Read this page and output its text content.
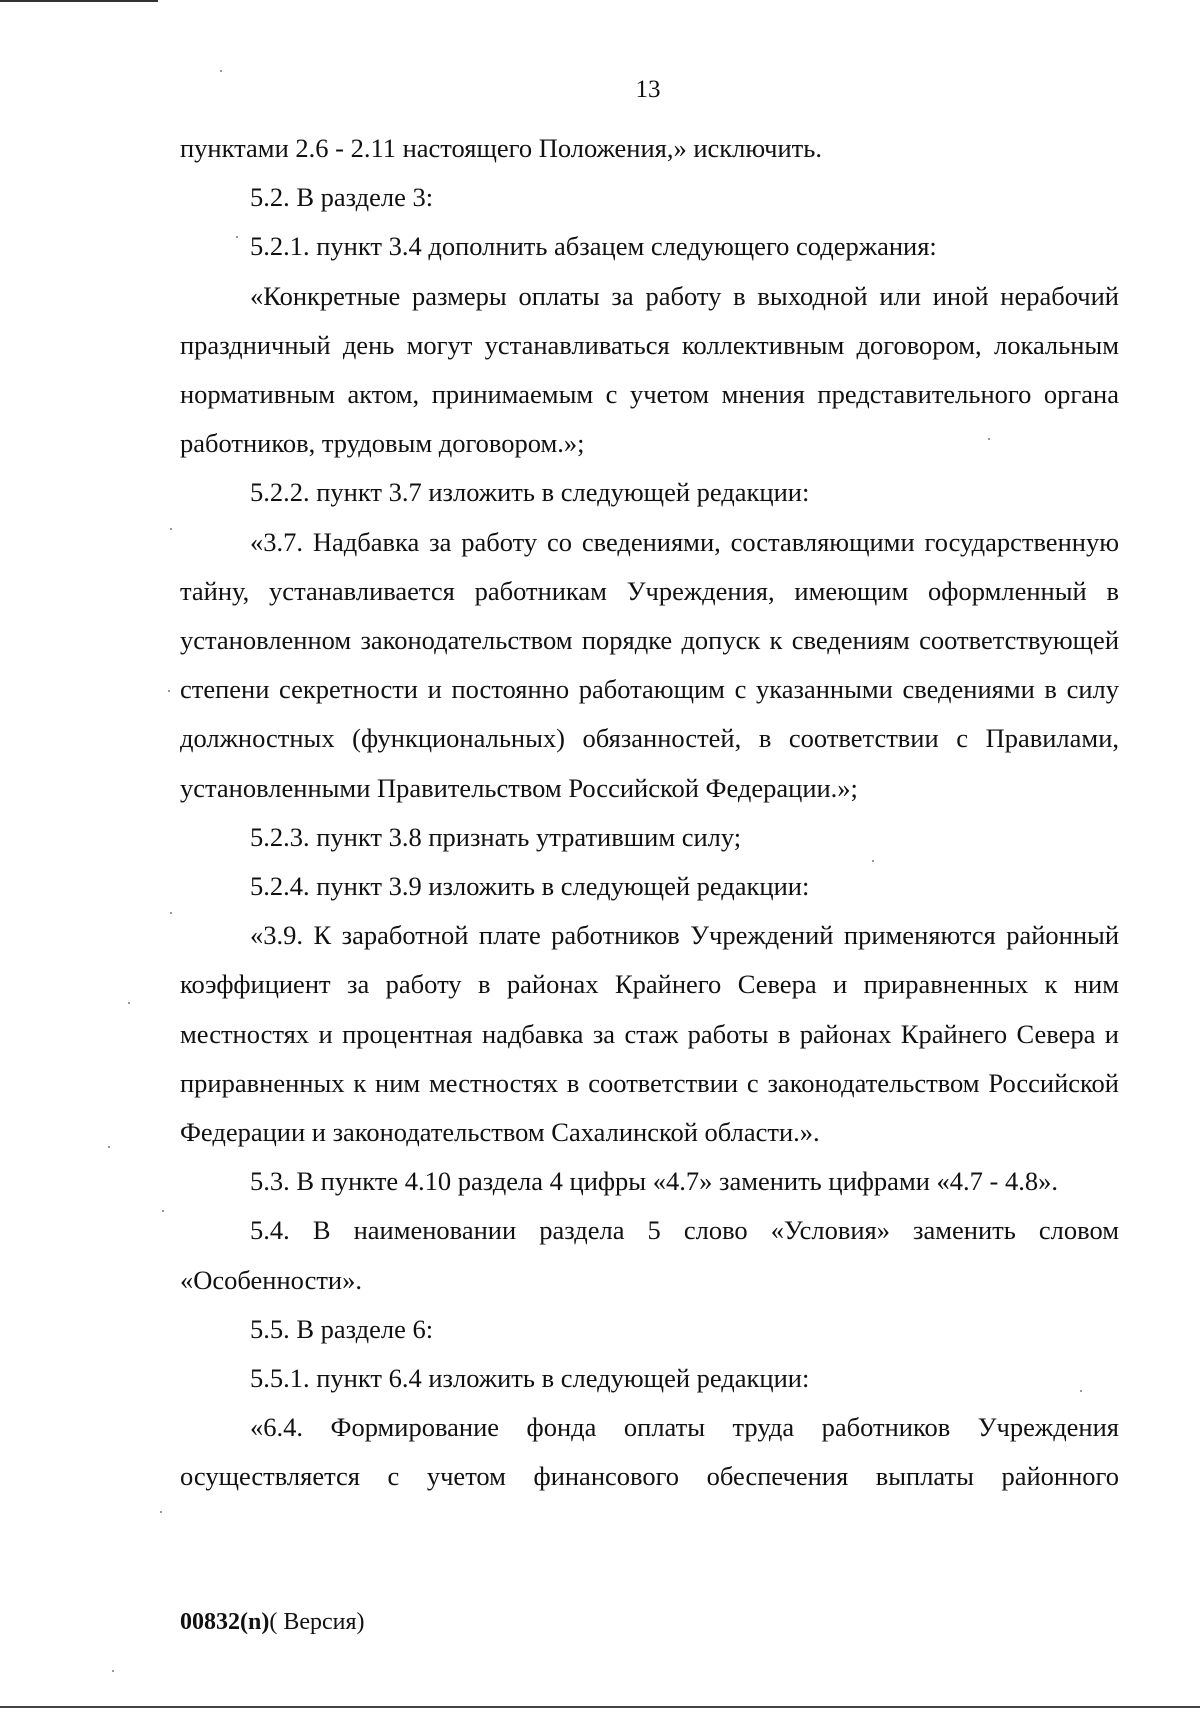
13

пунктами 2.6 - 2.11 настоящего Положения,» исключить.

5.2. В разделе 3:

5.2.1. пункт 3.4 дополнить абзацем следующего содержания:

«Конкретные размеры оплаты за работу в выходной или иной нерабочий праздничный день могут устанавливаться коллективным договором, локальным нормативным актом, принимаемым с учетом мнения представительного органа работников, трудовым договором.»;

5.2.2. пункт 3.7 изложить в следующей редакции:

«3.7. Надбавка за работу со сведениями, составляющими государственную тайну, устанавливается работникам Учреждения, имеющим оформленный в установленном законодательством порядке допуск к сведениям соответствующей степени секретности и постоянно работающим с указанными сведениями в силу должностных (функциональных) обязанностей, в соответствии с Правилами, установленными Правительством Российской Федерации.»;

5.2.3. пункт 3.8 признать утратившим силу;

5.2.4. пункт 3.9 изложить в следующей редакции:

«3.9. К заработной плате работников Учреждений применяются районный коэффициент за работу в районах Крайнего Севера и приравненных к ним местностях и процентная надбавка за стаж работы в районах Крайнего Севера и приравненных к ним местностях в соответствии с законодательством Российской Федерации и законодательством Сахалинской области.».

5.3. В пункте 4.10 раздела 4 цифры «4.7» заменить цифрами «4.7 - 4.8».

5.4. В наименовании раздела 5 слово «Условия» заменить словом «Особенности».

5.5. В разделе 6:

5.5.1. пункт 6.4 изложить в следующей редакции:

«6.4. Формирование фонда оплаты труда работников Учреждения осуществляется с учетом финансового обеспечения выплаты районного

00832(n)( Версия)
